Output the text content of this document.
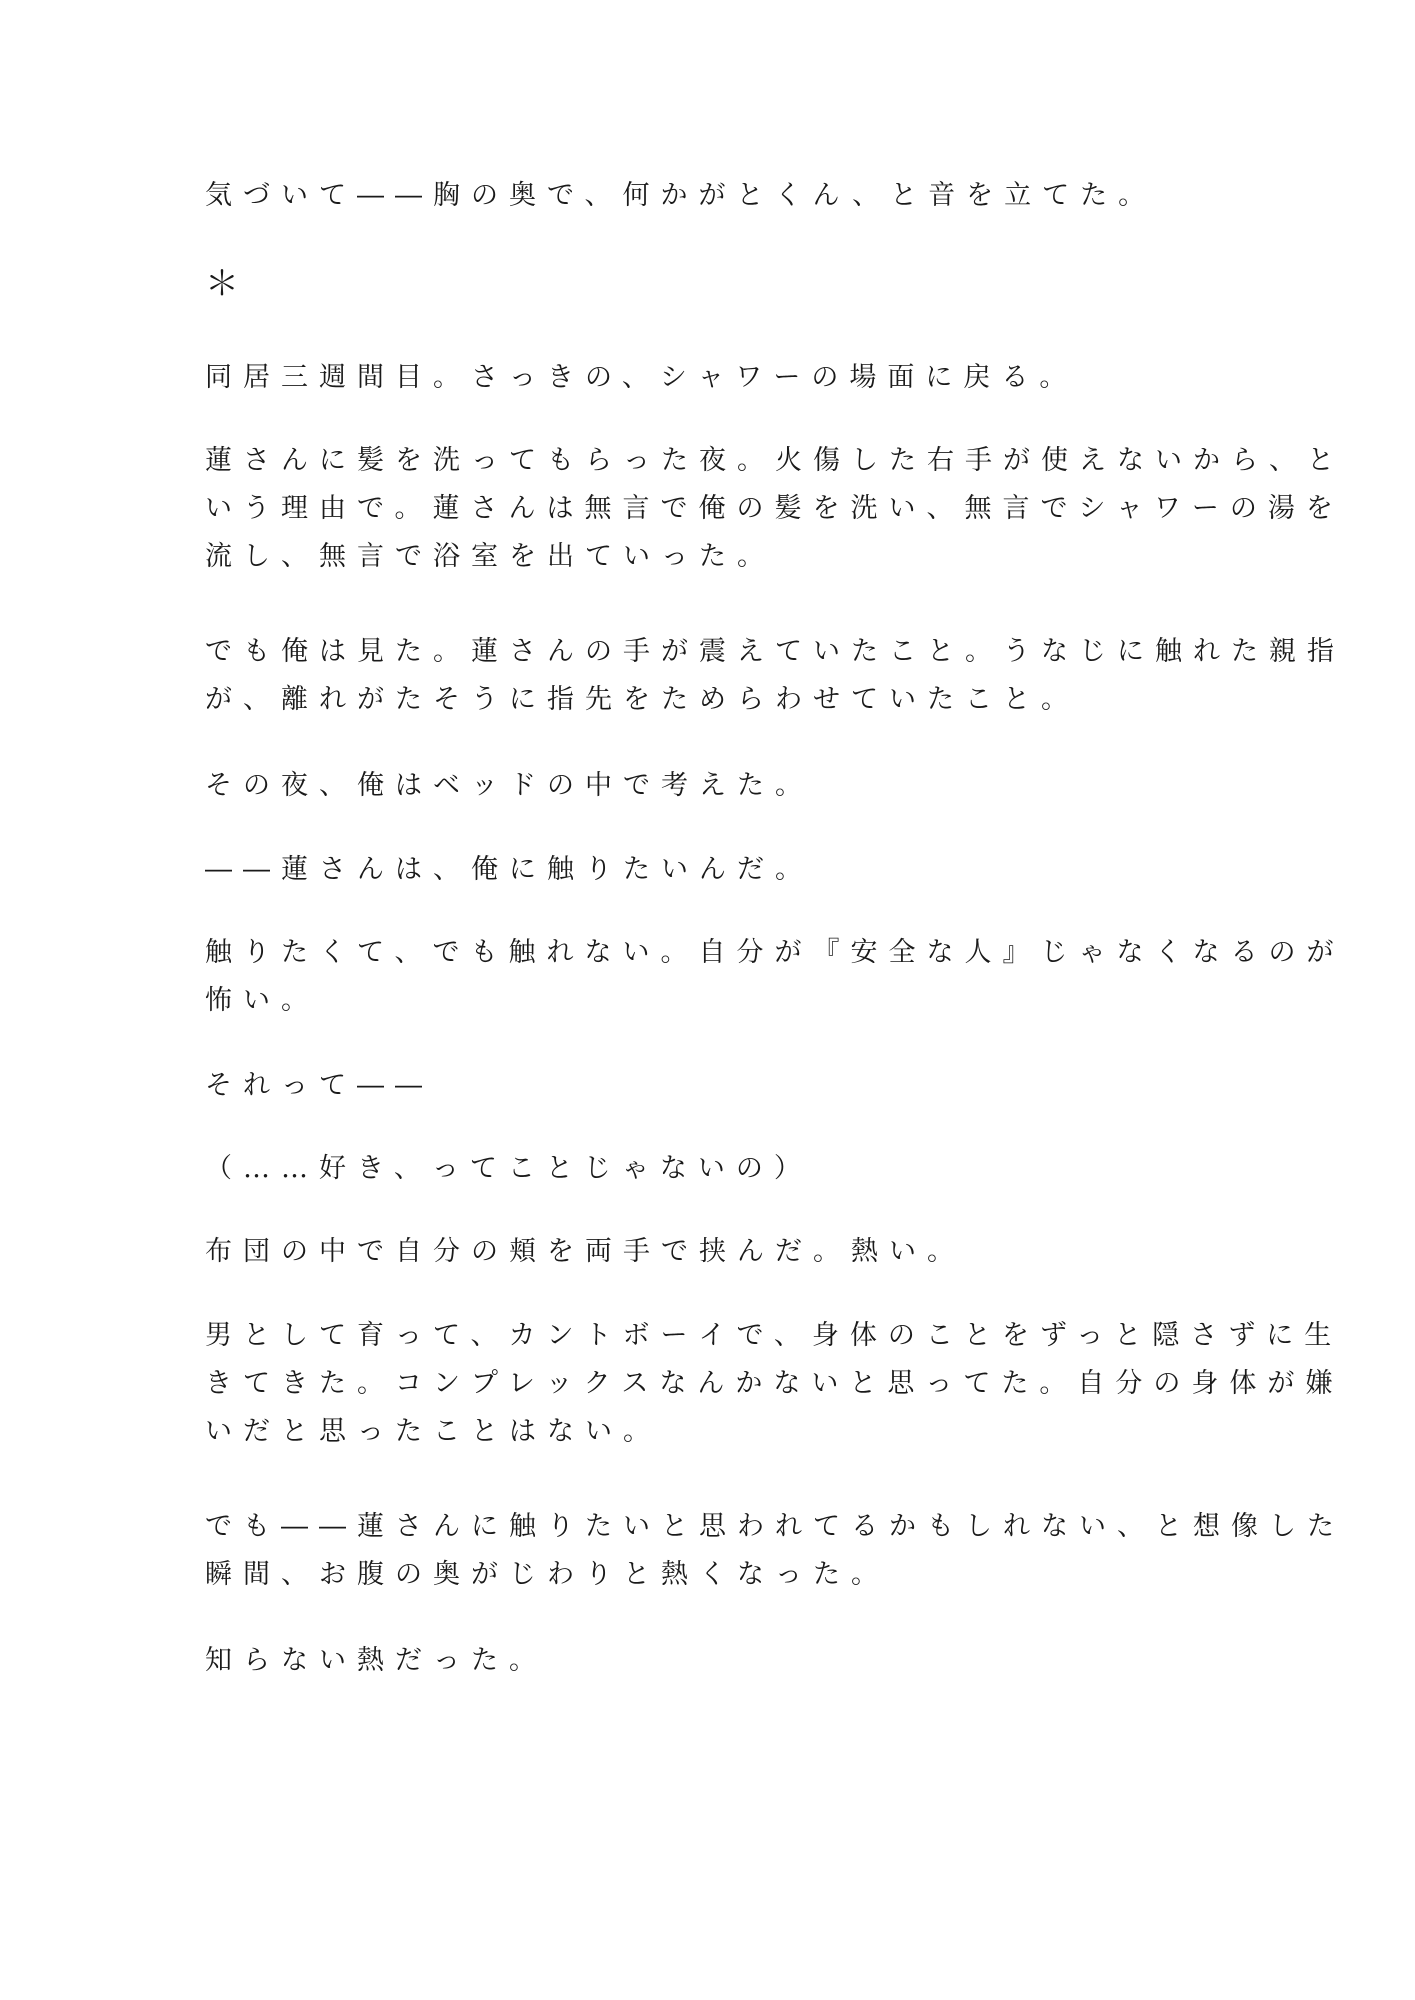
気づいて――胸の奥で、何かがとくん、と音を立てた。

＊

同居三週間目。さっきの、シャワーの場面に戻る。

蓮さんに髪を洗ってもらった夜。火傷した右手が使えないから、と
いう理由で。蓮さんは無言で俺の髪を洗い、無言でシャワーの湯を
流し、無言で浴室を出ていった。

でも俺は見た。蓮さんの手が震えていたこと。うなじに触れた親指
が、離れがたそうに指先をためらわせていたこと。

その夜、俺はベッドの中で考えた。

――蓮さんは、俺に触りたいんだ。

触りたくて、でも触れない。自分が『安全な人』じゃなくなるのが
怖い。

それって――

（……好き、ってことじゃないの）

布団の中で自分の頬を両手で挟んだ。熱い。

男として育って、カントボーイで、身体のことをずっと隠さずに生
きてきた。コンプレックスなんかないと思ってた。自分の身体が嫌
いだと思ったことはない。

でも――蓮さんに触りたいと思われてるかもしれない、と想像した
瞬間、お腹の奥がじわりと熱くなった。

知らない熱だった。
